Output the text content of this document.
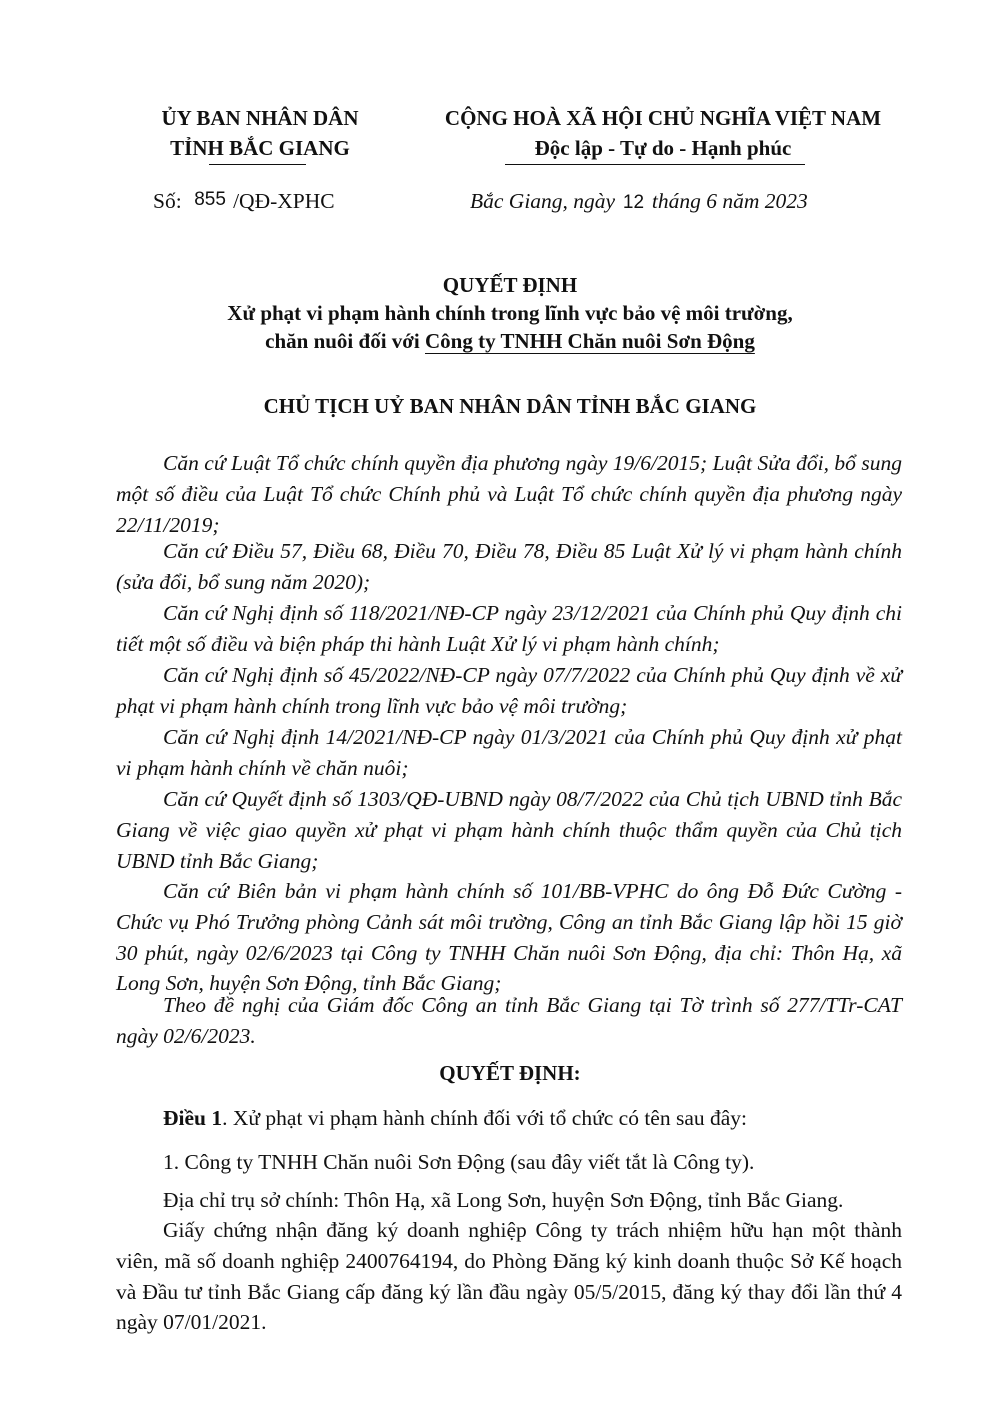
ỦY BAN NHÂN DÂN
TỈNH BẮC GIANG
CỘNG HOÀ XÃ HỘI CHỦ NGHĨA VIỆT NAM
Độc lập - Tự do - Hạnh phúc
Số: 855 /QĐ-XPHC	Bắc Giang, ngày 12 tháng 6 năm 2023
QUYẾT ĐỊNH
Xử phạt vi phạm hành chính trong lĩnh vực bảo vệ môi trường,
chăn nuôi đối với Công ty TNHH Chăn nuôi Sơn Động
CHỦ TỊCH UỶ BAN NHÂN DÂN TỈNH BẮC GIANG

Căn cứ Luật Tổ chức chính quyền địa phương ngày 19/6/2015; Luật Sửa đổi, bổ sung một số điều của Luật Tổ chức Chính phủ và Luật Tổ chức chính quyền địa phương ngày 22/11/2019;

Căn cứ Điều 57, Điều 68, Điều 70, Điều 78, Điều 85 Luật Xử lý vi phạm hành chính (sửa đổi, bổ sung năm 2020);

Căn cứ Nghị định số 118/2021/NĐ-CP ngày 23/12/2021 của Chính phủ Quy định chi tiết một số điều và biện pháp thi hành Luật Xử lý vi phạm hành chính;

Căn cứ Nghị định số 45/2022/NĐ-CP ngày 07/7/2022 của Chính phủ Quy định về xử phạt vi phạm hành chính trong lĩnh vực bảo vệ môi trường;

Căn cứ Nghị định 14/2021/NĐ-CP ngày 01/3/2021 của Chính phủ Quy định xử phạt vi phạm hành chính về chăn nuôi;

Căn cứ Quyết định số 1303/QĐ-UBND ngày 08/7/2022 của Chủ tịch UBND tỉnh Bắc Giang về việc giao quyền xử phạt vi phạm hành chính thuộc thẩm quyền của Chủ tịch UBND tỉnh Bắc Giang;

Căn cứ Biên bản vi phạm hành chính số 101/BB-VPHC do ông Đỗ Đức Cường - Chức vụ Phó Trưởng phòng Cảnh sát môi trường, Công an tỉnh Bắc Giang lập hồi 15 giờ 30 phút, ngày 02/6/2023 tại Công ty TNHH Chăn nuôi Sơn Động, địa chỉ: Thôn Hạ, xã Long Sơn, huyện Sơn Động, tỉnh Bắc Giang;

Theo đề nghị của Giám đốc Công an tỉnh Bắc Giang tại Tờ trình số 277/TTr-CAT ngày 02/6/2023.

QUYẾT ĐỊNH:

Điều 1. Xử phạt vi phạm hành chính đối với tổ chức có tên sau đây:

1. Công ty TNHH Chăn nuôi Sơn Động (sau đây viết tắt là Công ty).

Địa chỉ trụ sở chính: Thôn Hạ, xã Long Sơn, huyện Sơn Động, tỉnh Bắc Giang.

Giấy chứng nhận đăng ký doanh nghiệp Công ty trách nhiệm hữu hạn một thành viên, mã số doanh nghiệp 2400764194, do Phòng Đăng ký kinh doanh thuộc Sở Kế hoạch và Đầu tư tỉnh Bắc Giang cấp đăng ký lần đầu ngày 05/5/2015, đăng ký thay đổi lần thứ 4 ngày 07/01/2021.
